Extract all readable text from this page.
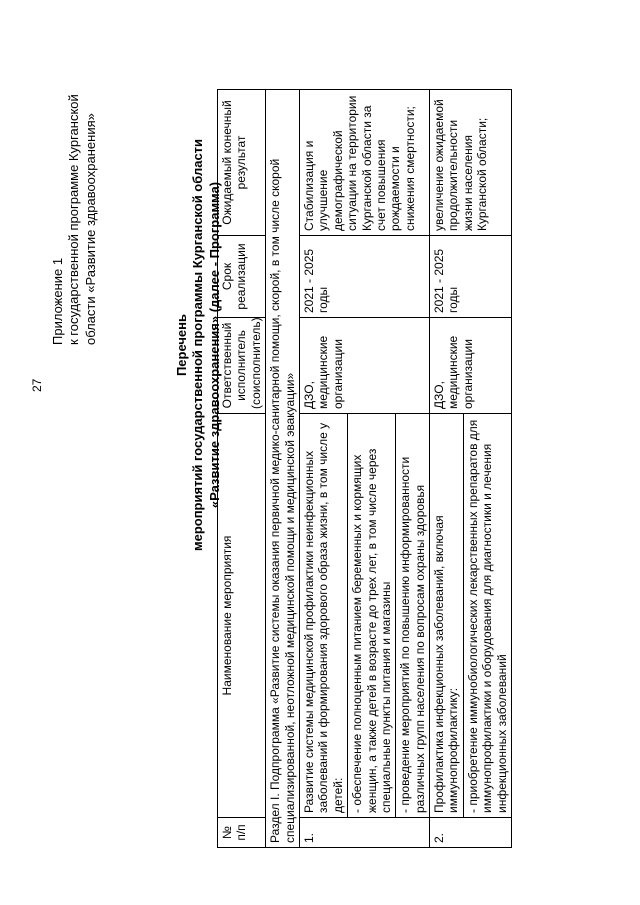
27
Приложение 1 к государственной программе Курганской области «Развитие здравоохранения»
Перечень мероприятий государственной программы Курганской области «Развитие здравоохранения» (далее - Программа)
№ п/п	Наименование мероприятия	Ответственный исполнитель (соисполнитель)	Срок реализации	Ожидаемый конечный результат
Раздел I. Подпрограмма «Развитие системы оказания первичной медико-санитарной помощи, скорой, в том числе скорой специализированной, неотложной медицинской помощи и медицинской эвакуации»				
1.	Развитие системы медицинской профилактики неинфекционных заболеваний и формирования здорового образа жизни, в том числе у детей:	ДЗО, медицинские организации	2021 - 2025 годы	Стабилизация и улучшение демографической ситуации на территории Курганской области за счет повышения рождаемости и снижения смертности;
	- обеспечение полноценным питанием беременных и кормящих женщин, а также детей в возрасте до трех лет, в том числе через специальные пункты питания и магазины			
	- проведение мероприятий по повышению информированности различных групп населения по вопросам охраны здоровья			
2.	Профилактика инфекционных заболеваний, включая иммунопрофилактику:	ДЗО, медицинские организации	2021 - 2025 годы	увеличение ожидаемой продолжительности жизни населения Курганской области;
	- приобретение иммунобиологических лекарственных препаратов для иммунопрофилактики и оборудования для диагностики и лечения инфекционных заболеваний			
